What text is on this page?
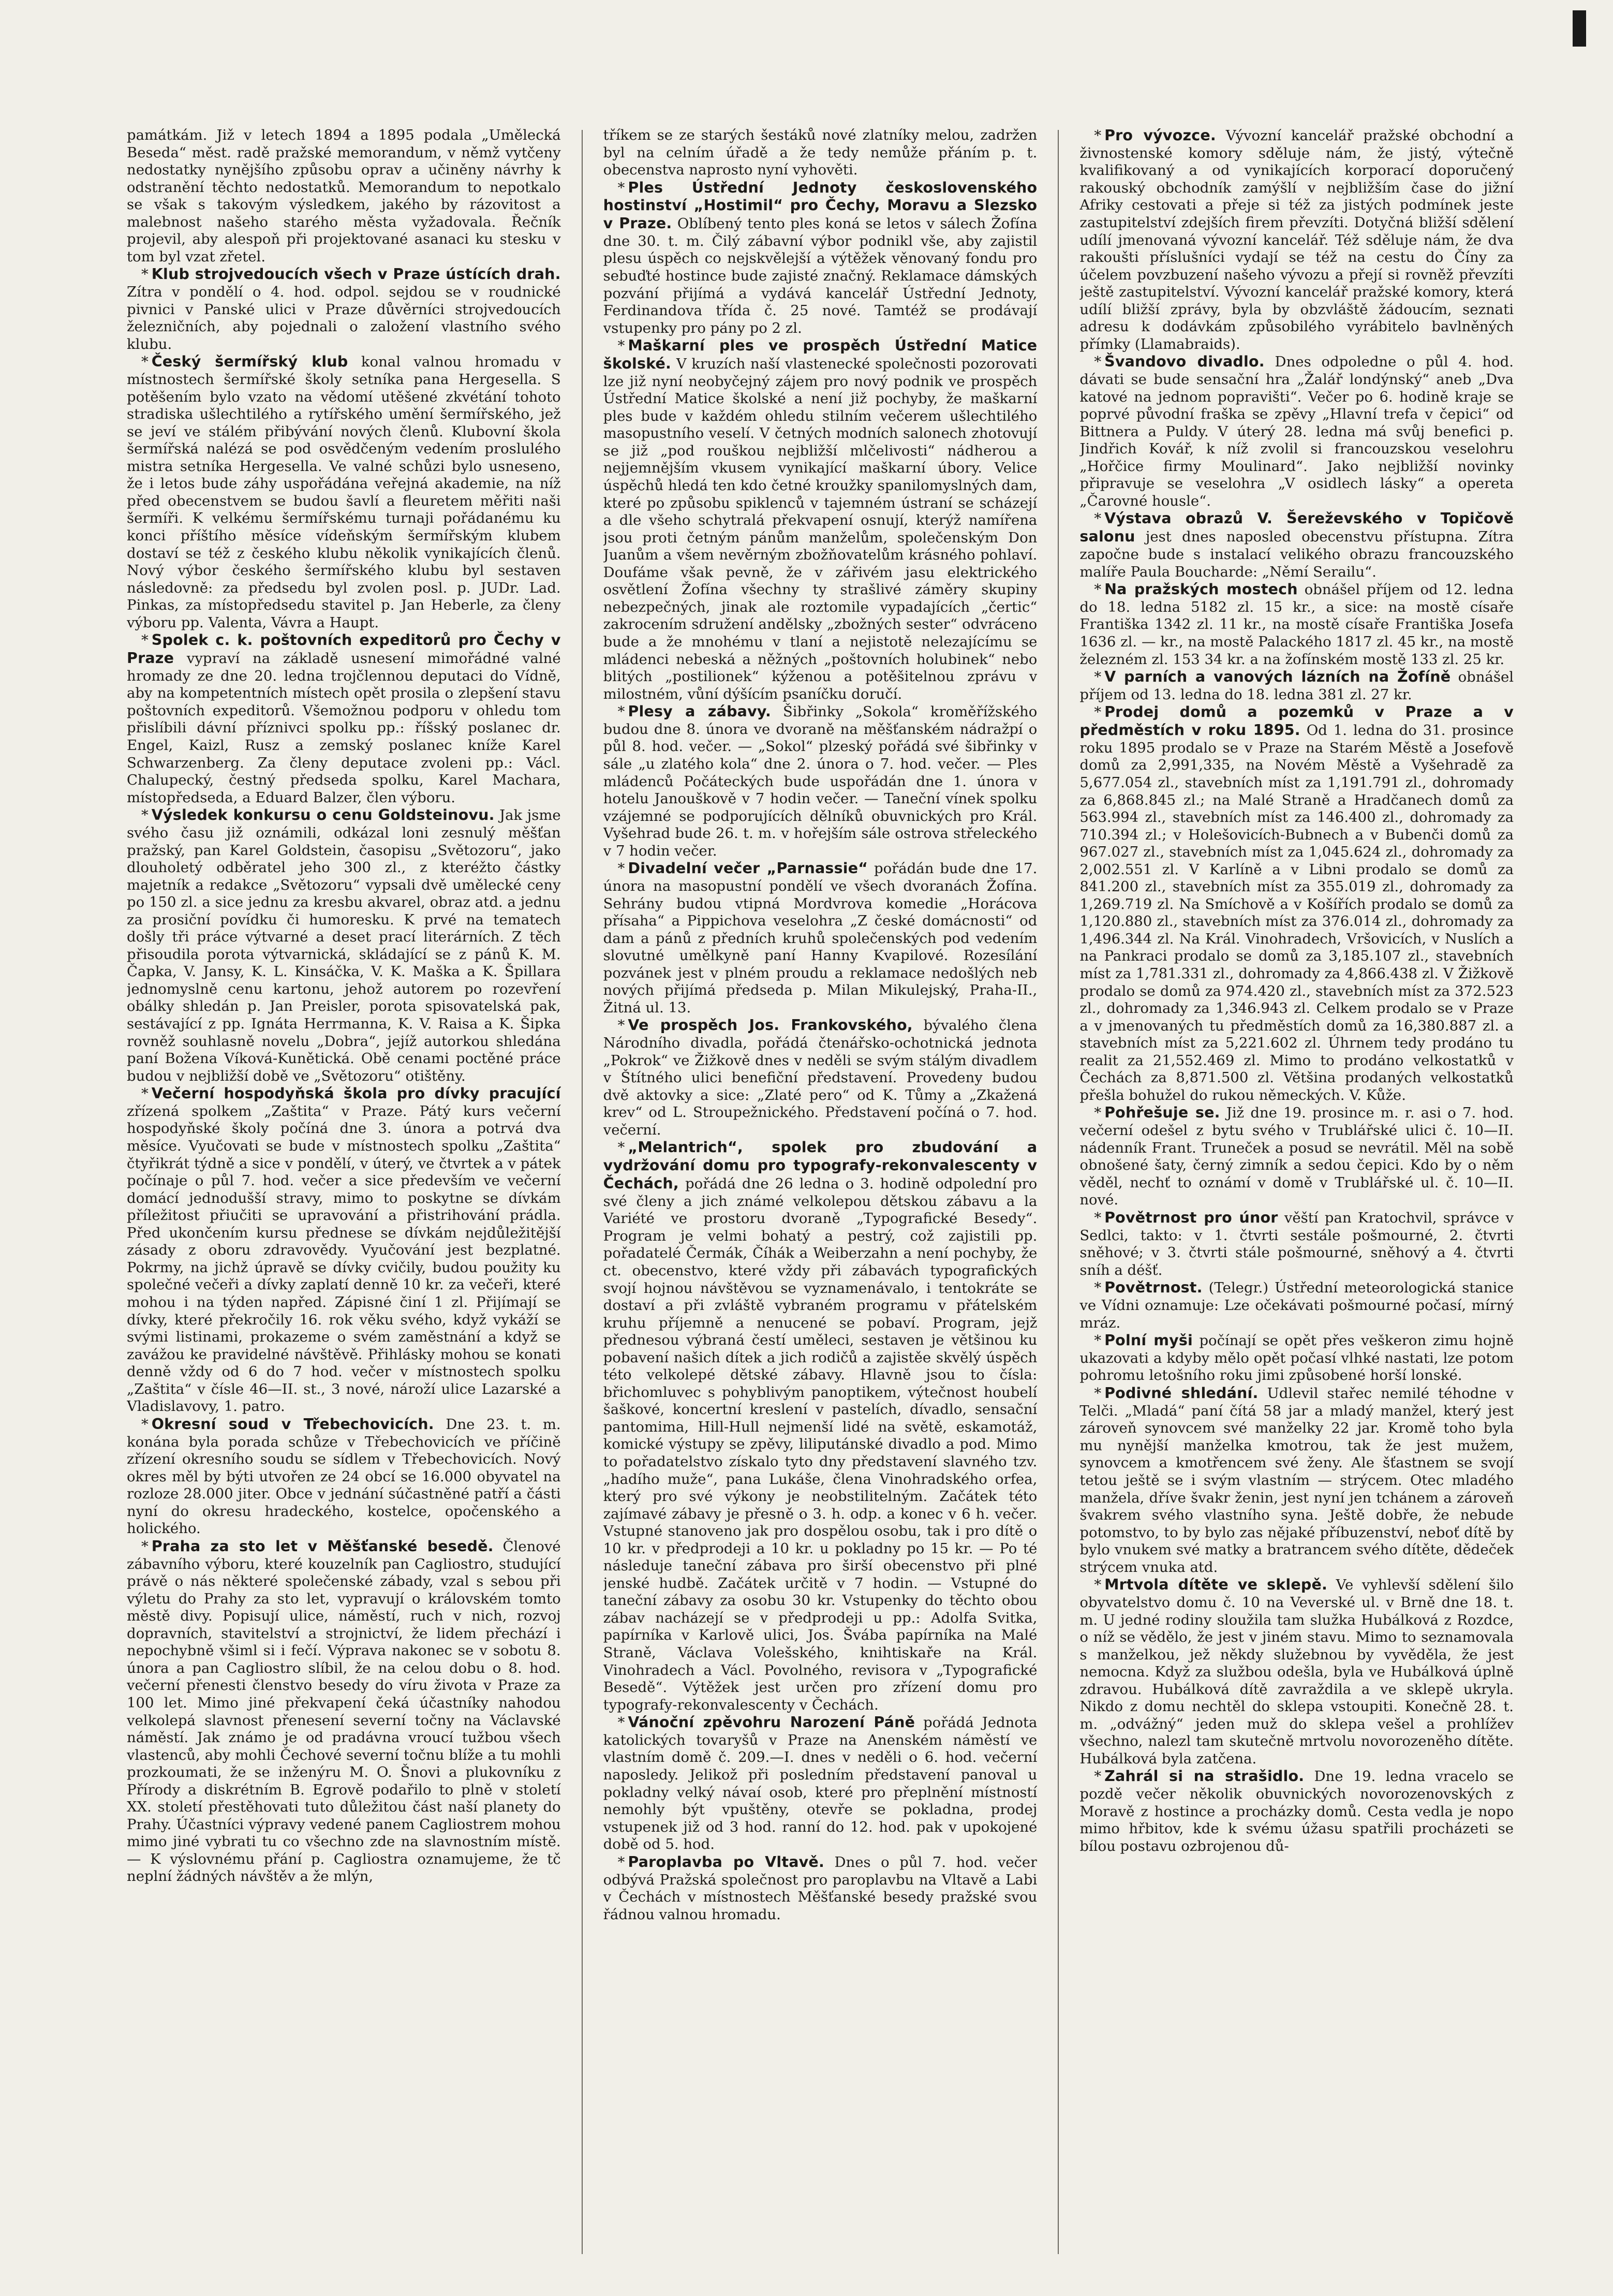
památkám. Již v letech 1894 a 1895 podala „Umělecká Beseda“ měst. radě pražské memorandum, v němž vytčeny nedostatky nynějšího způsobu oprav a učiněny návrhy k odstranění těchto nedostatků. Memorandum to nepotkalo se však s takovým výsledkem, jakého by rázovitost a malebnost našeho starého města vyžadovala. Řečník projevil, aby alespoň při projektované asanaci ku stesku v tom byl vzat zřetel.

* Klub strojvedoucích všech v Praze ústících drah. Zítra v pondělí o 4. hod. odpol. sejdou se v roudnické pivnici v Panské ulici v Praze důvěrníci strojvedoucích železničních, aby pojednali o založení vlastního svého klubu.

* Český šermířský klub konal valnou hromadu v místnostech šermířské školy setníka pana Hergesella. S potěšením bylo vzato na vědomí utěšené zkvétání tohoto stradiska ušlechtilého a rytířského umění šermířského, jež se jeví ve stálém přibývání nových členů. Klubovní škola šermířská nalézá se pod osvědčeným vedením proslulého mistra setníka Hergesella. Ve valné schůzi bylo usneseno, že i letos bude záhy uspořádána veřejná akademie, na níž před obecenstvem se budou šavlí a fleuretem měřiti naši šermíři. K velkému šermířskému turnaji pořádanému ku konci příštího měsíce vídeňským šermířským klubem dostaví se též z českého klubu několik vynikajících členů. Nový výbor českého šermířského klubu byl sestaven následovně: za předsedu byl zvolen posl. p. JUDr. Lad. Pinkas, za místopředsedu stavitel p. Jan Heberle, za členy výboru pp. Valenta, Vávra a Haupt.

* Spolek c. k. poštovních expeditorů pro Čechy v Praze vypraví na základě usnesení mimořádné valné hromady ze dne 20. ledna trojčlennou deputaci do Vídně, aby na kompetentních místech opět prosila o zlepšení stavu poštovních expeditorů. Všemožnou podporu v ohledu tom přislíbili dávní příznivci spolku pp.: říšský poslanec dr. Engel, Kaizl, Rusz a zemský poslanec kníže Karel Schwarzenberg. Za členy deputace zvoleni pp.: Václ. Chalupecký, čestný předseda spolku, Karel Machara, místopředseda, a Eduard Balzer, člen výboru.

* Výsledek konkursu o cenu Goldsteinovu. Jak jsme svého času již oznámili, odkázal loni zesnulý měšťan pražský, pan Karel Goldstein, časopisu „Světozoru“, jako dlouholetý odběratel jeho 300 zl., z kteréžto částky majetník a redakce „Světozoru“ vypsali dvě umělecké ceny po 150 zl. a sice jednu za kresbu akvarel, obraz atd. a jednu za prosiční povídku či humoresku. K prvé na tematech došly tři práce výtvarné a deset prací literárních. Z těch přisoudila porota výtvarnická, skládající se z pánů K. M. Čapka, V. Jansy, K. L. Kinsáčka, V. K. Maška a K. Špillara jednomyslně cenu kartonu, jehož autorem po rozevření obálky shledán p. Jan Preisler, porota spisovatelská pak, sestávající z pp. Ignáta Herrmanna, K. V. Raisa a K. Šipka rovněž souhlasně novelu „Dobra“, jejíž autorkou shledána paní Božena Víková-Kunětická. Obě cenami poctěné práce budou v nejbližší době ve „Světozoru“ otištěny.

* Večerní hospodyňská škola pro dívky pracující zřízená spolkem „Zaštita“ v Praze. Pátý kurs večerní hospodyňské školy počíná dne 3. února a potrvá dva měsíce. Vyučovati se bude v místnostech spolku „Zaštita“ čtyřikrát týdně a sice v pondělí, v úterý, ve čtvrtek a v pátek počínaje o půl 7. hod. večer a sice především ve večerní domácí jednodušší stravy, mimo to poskytne se dívkám příležitost přiučiti se upravování a přistrihování prádla. Před ukončením kursu přednese se dívkám nejdůležitější zásady z oboru zdravovědy. Vyučování jest bezplatné. Pokrmy, na jichž úpravě se dívky cvičily, budou použity ku společné večeři a dívky zaplatí denně 10 kr. za večeři, které mohou i na týden napřed. Zápisné činí 1 zl. Přijímají se dívky, které překročily 16. rok věku svého, když vykáží se svými listinami, prokazeme o svém zaměstnání a když se zavážou ke pravidelné návštěvě. Přihlásky mohou se konati denně vždy od 6 do 7 hod. večer v místnostech spolku „Zaštita“ v čísle 46—II. st., 3 nové, nároží ulice Lazarské a Vladislavovy, 1. patro.

* Okresní soud v Třebechovicích. Dne 23. t. m. konána byla porada schůze v Třebechovicích ve příčině zřízení okresního soudu se sídlem v Třebechovicích. Nový okres měl by býti utvořen ze 24 obcí se 16.000 obyvatel na rozloze 28.000 jiter. Obce v jednání súčastněné patří a části nyní do okresu hradeckého, kostelce, opočenského a holického.

* Praha za sto let v Měšťanské besedě. Členové zábavního výboru, které kouzelník pan Cagliostro, studující právě o nás některé společenské zábady, vzal s sebou při výletu do Prahy za sto let, vypravují o královském tomto městě divy. Popisují ulice, náměstí, ruch v nich, rozvoj dopravních, stavitelství a strojnictví, že lidem přechází i nepochybně všiml si i fečí. Výprava nakonec se v sobotu 8. února a pan Cagliostro slíbil, že na celou dobu o 8. hod. večerní přenesti členstvo besedy do víru života v Praze za 100 let. Mimo jiné překvapení čeká účastníky nahodou velkolepá slavnost přenesení severní točny na Václavské náměstí. Jak známo je od pradávna vroucí tužbou všech vlastenců, aby mohli Čechové severní točnu blíže a tu mohli prozkoumati, že se inženýru M. O. Šnovi a plukovníku z Přírody a diskrétním B. Egrově podařilo to plně v století XX. století přestěhovati tuto důležitou část naší planety do Prahy. Účastníci výpravy vedené panem Cagliostrem mohou mimo jiné vybrati tu co všechno zde na slavnostním místě. — K výslovnému přání p. Cagliostra oznamujeme, že tč neplní žádných návštěv a že mlýn,

tříkem se ze starých šestáků nové zlatníky melou, zadržen byl na celním úřadě a že tedy nemůže přáním p. t. obecenstva naprosto nyní vyhověti.

* Ples Ústřední Jednoty československého hostinství „Hostimil“ pro Čechy, Moravu a Slezsko v Praze. Oblíbený tento ples koná se letos v sálech Žofína dne 30. t. m. Čilý zábavní výbor podnikl vše, aby zajistil plesu úspěch co nejskvělejší a výtěžek věnovaný fondu pro sebuďté hostince bude zajisté značný. Reklamace dámských pozvání přijímá a vydává kancelář Ústřední Jednoty, Ferdinandova třída č. 25 nové. Tamtéž se prodávají vstupenky pro pány po 2 zl.

* Maškarní ples ve prospěch Ústřední Matice školské. V kruzích naší vlastenecké společnosti pozorovati lze již nyní neobyčejný zájem pro nový podnik ve prospěch Ústřední Matice školské a není již pochyby, že maškarní ples bude v každém ohledu stilním večerem ušlechtilého masopustního veselí. V četných modních salonech zhotovují se již „pod rouškou nejbližší mlčelivosti“ nádherou a nejjemnějším vkusem vynikající maškarní úbory. Velice úspěchů hledá ten kdo četné kroužky spanilomyslných dam, které po způsobu spiklenců v tajemném ústraní se scházejí a dle všeho schytralá překvapení osnují, kterýž namířena jsou proti četným pánům manželům, společenským Don Juanům a všem nevěrným zbožňovatelům krásného pohlaví. Doufáme však pevně, že v zářivém jasu elektrického osvětlení Žofína všechny ty strašlivé záměry skupiny nebezpečných, jinak ale roztomile vypadajících „čertic“ zakrocením sdružení andělsky „zbožných sester“ odvráceno bude a že mnohému v tlaní a nejistotě nelezajícímu se mládenci nebeská a něžných „poštovních holubinek“ nebo blitých „postilionek“ kýženou a potěšitelnou zprávu v milostném, vůní dýšícím psaníčku doručí.

* Plesy a zábavy. Šibřinky „Sokola“ kroměřížského budou dne 8. února ve dvoraně na měšťanském nádražpí o půl 8. hod. večer. — „Sokol“ plzeský pořádá své šibřinky v sále „u zlatého kola“ dne 2. února o 7. hod. večer. — Ples mládenců Počáteckých bude uspořádán dne 1. února v hotelu Janouškově v 7 hodin večer. — Taneční vínek spolku vzájemné se podporujících dělníků obuvnických pro Král. Vyšehrad bude 26. t. m. v hořejším sále ostrova střeleckého v 7 hodin večer.

* Divadelní večer „Parnassie“ pořádán bude dne 17. února na masopustní pondělí ve všech dvoranách Žofína. Sehrány budou vtipná Mordvrova komedie „Horácova přísaha“ a Pippichova veselohra „Z české domácnosti“ od dam a pánů z předních kruhů společenských pod vedením slovutné umělkyně paní Hanny Kvapilové. Rozesílání pozvánek jest v plném proudu a reklamace nedošlých neb nových přijímá předseda p. Milan Mikulejský, Praha-II., Žitná ul. 13.

* Ve prospěch Jos. Frankovského, bývalého člena Národního divadla, pořádá čtenářsko-ochotnická jednota „Pokrok“ ve Žižkově dnes v neděli se svým stálým divadlem v Štítného ulici benefiční představení. Provedeny budou dvě aktovky a sice: „Zlaté pero“ od K. Tůmy a „Zkažená krev“ od L. Stroupežnického. Představení počíná o 7. hod. večerní.

* „Melantrich“, spolek pro zbudování a vydržování domu pro typografy-rekonvalescenty v Čechách, pořádá dne 26 ledna o 3. hodině odpolední pro své členy a jich známé velkolepou dětskou zábavu a la Variété ve prostoru dvoraně „Typografické Besedy“. Program je velmi bohatý a pestrý, což zajistili pp. pořadatelé Čermák, Číhák a Weiberzahn a není pochyby, že ct. obecenstvo, které vždy při zábavách typografických svojí hojnou návštěvou se vyznamenávalo, i tentokráte se dostaví a při zvláště vybraném programu v přátelském kruhu příjemně a nenucené se pobaví. Program, jejž přednesou výbraná čestí uměleci, sestaven je většinou ku pobavení našich dítek a jich rodičů a zajistěe skvělý úspěch této velkolepé dětské zábavy. Hlavně jsou to čísla: břichomluvec s pohyblivým panoptikem, výtečnost houbelí šaškové, koncertní kreslení v pastelích, dívadlo, sensační pantomima, Hill-Hull nejmenší lidé na světě, eskamotáž, komické výstupy se zpěvy, liliputánské divadlo a pod. Mimo to pořadatelstvo získalo tyto dny představení slavného tzv. „hadího muže“, pana Lukáše, člena Vinohradského orfea, který pro své výkony je neobstilitelným. Začátek této zajímavé zábavy je přesně o 3. h. odp. a konec v 6 h. večer. Vstupné stanoveno jak pro dospělou osobu, tak i pro dítě o 10 kr. v předprodeji a 10 kr. u pokladny po 15 kr. — Po té následuje taneční zábava pro širší obecenstvo při plné jenské hudbě. Začátek určitě v 7 hodin. — Vstupné do taneční zábavy za osobu 30 kr. Vstupenky do těchto obou zábav nacházejí se v předprodeji u pp.: Adolfa Svitka, papírníka v Karlově ulici, Jos. Švába papírníka na Malé Straně, Václava Volešského, knihtiskaře na Král. Vinohradech a Václ. Povolného, revisora v „Typografické Besedě“. Výtěžek jest určen pro zřízení domu pro typografy-rekonvalescenty v Čechách.

* Vánoční zpěvohru Narození Páně pořádá Jednota katolických tovaryšů v Praze na Anenském náměstí ve vlastním domě č. 209.—I. dnes v neděli o 6. hod. večerní naposledy. Jelikož při posledním představení panoval u pokladny velký návaí osob, které pro přeplnění místností nemohly být vpuštěny, otevře se pokladna, prodej vstupenek již od 3 hod. ranní do 12. hod. pak v upokojené době od 5. hod.

* Paroplavba po Vltavě. Dnes o půl 7. hod. večer odbývá Pražská společnost pro paroplavbu na Vltavě a Labi v Čechách v místnostech Měšťanské besedy pražské svou řádnou valnou hromadu.

* Pro vývozce. Vývozní kancelář pražské obchodní a živnostenské komory sděluje nám, že jistý, výtečně kvalifikovaný a od vynikajících korporací doporučený rakouský obchodník zamýšlí v nejbližším čase do jižní Afriky cestovati a přeje si též za jistých podmínek jeste zastupitelství zdejších firem převzíti. Dotyčná bližší sdělení udílí jmenovaná vývozní kancelář. Též sděluje nám, že dva rakoušti příslušníci vydají se též na cestu do Číny za účelem povzbuzení našeho vývozu a přejí si rovněž převzíti ještě zastupitelství. Vývozní kancelář pražské komory, která udílí bližší zprávy, byla by obzvláště žádoucím, seznati adresu k dodávkám způsobilého vyrábitelo bavlněných přímky (Llamabraids).

* Švandovo divadlo. Dnes odpoledne o půl 4. hod. dávati se bude sensační hra „Žalář londýnský“ aneb „Dva katové na jednom popravišti“. Večer po 6. hodině kraje se poprvé původní fraška se zpěvy „Hlavní trefa v čepici“ od Bittnera a Puldy. V úterý 28. ledna má svůj benefici p. Jindřich Kovář, k níž zvolil si francouzskou veselohru „Hořčice firmy Moulinard“. Jako nejbližší novinky připravuje se veselohra „V osidlech lásky“ a opereta „Čarovné housle“.

* Výstava obrazů V. Šereževského v Topičově salonu jest dnes naposled obecenstvu přístupna. Zítra započne bude s instalací velikého obrazu francouzského malíře Paula Boucharde: „Němí Serailu“.

* Na pražských mostech obnášel příjem od 12. ledna do 18. ledna 5182 zl. 15 kr., a sice: na mostě císaře Františka 1342 zl. 11 kr., na mostě císaře Františka Josefa 1636 zl. — kr., na mostě Palackého 1817 zl. 45 kr., na mostě železném zl. 153 34 kr. a na žofínském mostě 133 zl. 25 kr.

* V parních a vanových lázních na Žofíně obnášel příjem od 13. ledna do 18. ledna 381 zl. 27 kr.

* Prodej domů a pozemků v Praze a v předměstích v roku 1895. Od 1. ledna do 31. prosince roku 1895 prodalo se v Praze na Starém Městě a Josefově domů za 2,991,335, na Novém Městě a Vyšehradě za 5,677.054 zl., stavebních míst za 1,191.791 zl., dohromady za 6,868.845 zl.; na Malé Straně a Hradčanech domů za 563.994 zl., stavebních míst za 146.400 zl., dohromady za 710.394 zl.; v Holešovicích-Bubnech a v Bubenči domů za 967.027 zl., stavebních míst za 1,045.624 zl., dohromady za 2,002.551 zl. V Karlíně a v Libni prodalo se domů za 841.200 zl., stavebních míst za 355.019 zl., dohromady za 1,269.719 zl. Na Smíchově a v Košířích prodalo se domů za 1,120.880 zl., stavebních míst za 376.014 zl., dohromady za 1,496.344 zl. Na Král. Vinohradech, Vršovicích, v Nuslích a na Pankraci prodalo se domů za 3,185.107 zl., stavebních míst za 1,781.331 zl., dohromady za 4,866.438 zl. V Žižkově prodalo se domů za 974.420 zl., stavebních míst za 372.523 zl., dohromady za 1,346.943 zl. Celkem prodalo se v Praze a v jmenovaných tu předměstích domů za 16,380.887 zl. a stavebních míst za 5,221.602 zl. Úhrnem tedy prodáno tu realit za 21,552.469 zl. Mimo to prodáno velkostatků v Čechách za 8,871.500 zl. Většina prodaných velkostatků přešla bohužel do rukou německých. V. Kůže.

* Pohřešuje se. Již dne 19. prosince m. r. asi o 7. hod. večerní odešel z bytu svého v Trublářské ulici č. 10—II. nádenník Frant. Truneček a posud se nevrátil. Měl na sobě obnošené šaty, černý zimník a sedou čepici. Kdo by o něm věděl, nechť to oznámí v domě v Trublářské ul. č. 10—II. nové.

* Povětrnost pro únor věští pan Kratochvil, správce v Sedlci, takto: v 1. čtvrti sestále pošmourné, 2. čtvrti sněhové; v 3. čtvrti stále pošmourné, sněhový a 4. čtvrti sníh a déšť.

* Povětrnost. (Telegr.) Ústřední meteorologická stanice ve Vídni oznamuje: Lze očekávati pošmourné počasí, mírný mráz.

* Polní myši počínají se opět přes veškeron zimu hojně ukazovati a kdyby mělo opět počasí vlhké nastati, lze potom pohromu letošního roku jimi způsobené horší lonské.

* Podivné shledání. Udlevil stařec nemilé téhodne v Telči. „Mladá“ paní čítá 58 jar a mladý manžel, který jest zároveň synovcem své manželky 22 jar. Kromě toho byla mu nynější manželka kmotrou, tak že jest mužem, synovcem a kmotřencem své ženy. Ale šťastnem se svojí tetou ještě se i svým vlastním — strýcem. Otec mladého manžela, dříve švakr ženin, jest nyní jen tchánem a zároveň švakrem svého vlastního syna. Ještě dobře, že nebude potomstvo, to by bylo zas nějaké příbuzenství, neboť dítě by bylo vnukem své matky a bratrancem svého dítěte, dědeček strýcem vnuka atd.

* Mrtvola dítěte ve sklepě. Ve vyhlevší sdělení šilo obyvatelstvo domu č. 10 na Veverské ul. v Brně dne 18. t. m. U jedné rodiny sloužila tam služka Hubálková z Rozdce, o níž se vědělo, že jest v jiném stavu. Mimo to seznamovala s manželkou, jež někdy služebnou by vyvěděla, že jest nemocna. Když za službou odešla, byla ve Hubálková úplně zdravou. Hubálková dítě zavraždila a ve sklepě ukryla. Nikdo z domu nechtěl do sklepa vstoupiti. Konečně 28. t. m. „odvážný“ jeden muž do sklepa vešel a prohlížev všechno, nalezl tam skutečně mrtvolu novorozeněho dítěte. Hubálková byla zatčena.

* Zahrál si na strašidlo. Dne 19. ledna vracelo se pozdě večer několik obuvnických novorozenovských z Moravě z hostince a procházky domů. Cesta vedla je nopo mimo hřbitov, kde k svému úžasu spatřili procházeti se bílou postavu ozbrojenou dů-
